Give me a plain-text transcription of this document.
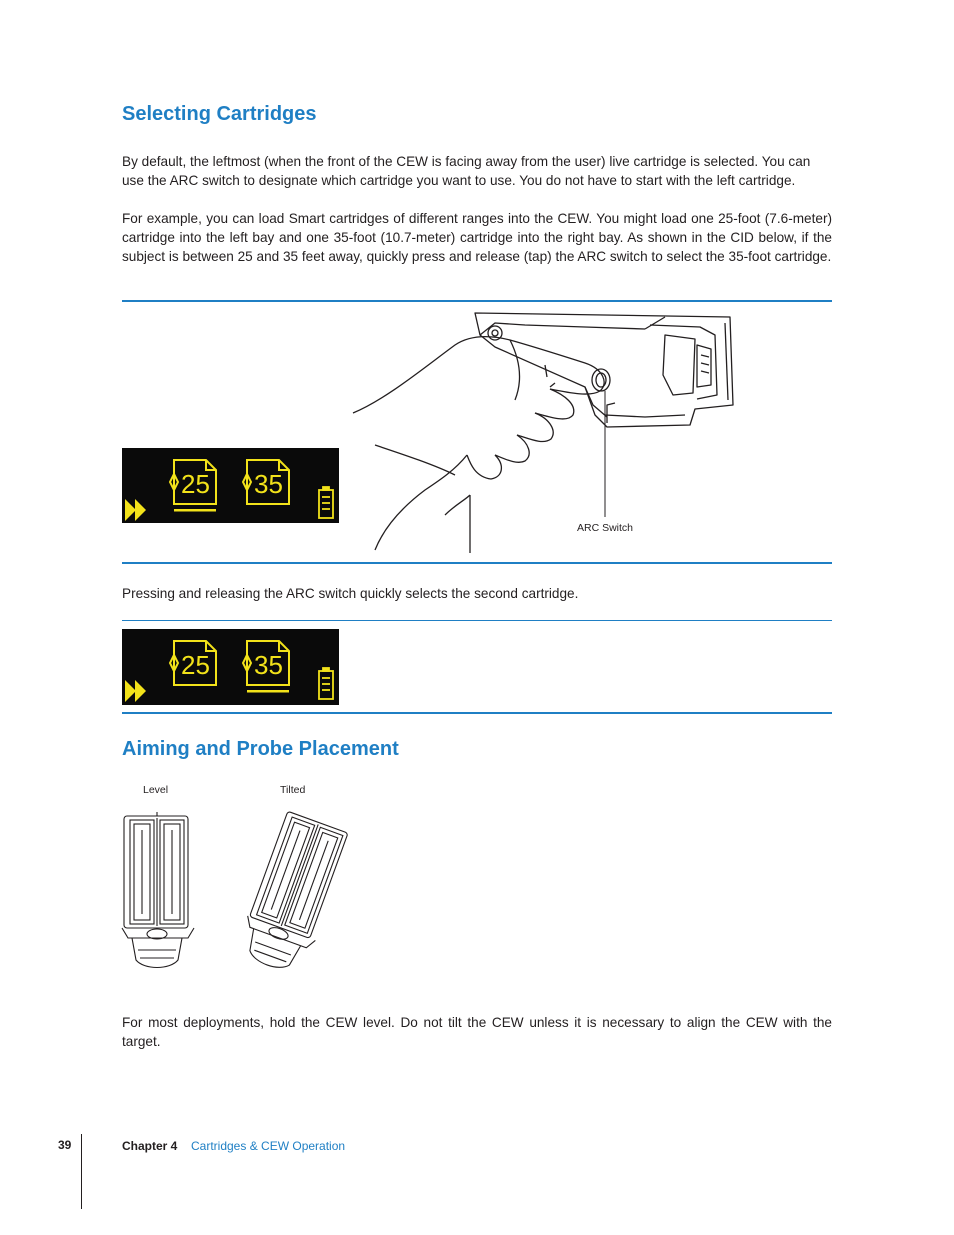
Selecting Cartridges

By default, the leftmost (when the front of the CEW is facing away from the user) live cartridge is selected. You can use the ARC switch to designate which cartridge you want to use. You do not have to start with the left cartridge.

For example, you can load Smart cartridges of different ranges into the CEW. You might load one 25-foot (7.6-meter) cartridge into the left bay and one 35-foot (10.7-meter) cartridge into the right bay. As shown in the CID below, if the subject is between 25 and 35 feet away, quickly press and release (tap) the ARC switch to select the 35-foot cartridge.

25 35
ARC Switch

Pressing and releasing the ARC switch quickly selects the second cartridge.

25 35
Aiming and Probe Placement
Level	Tilted

For most deployments, hold the CEW level. Do not tilt the CEW unless it is necessary to align the CEW with the target.

39	Chapter 4 Cartridges & CEW Operation
